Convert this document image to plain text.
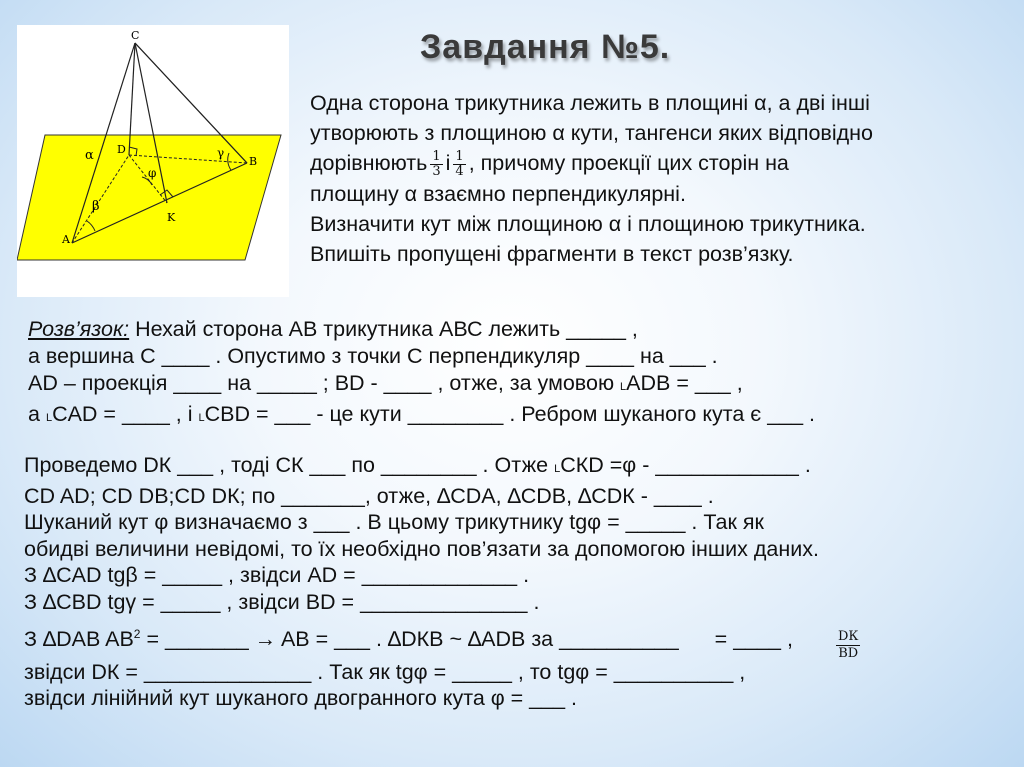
C
D
B
A
K
α
β
γ
φ
Завдання №5.
Одна сторона трикутника лежить в площині α, а дві інші
утворюють з площиною α кути, тангенси яких відповідно
дорівнюють $\frac{1}{3}$ і $\frac{1}{4}$ , причому проекції цих сторін на
площину α взаємно перпендикулярні.
Визначити кут між площиною α і площиною трикутника.
Впишіть пропущені фрагменти в текст розв’язку.
Розв’язок: Нехай сторона АВ трикутника АВС лежить _____ ,
а вершина С ____ . Опустимо з точки С перпендикуляр ____ на ___ .
АD – проекція ____ на _____ ; ВD - ____ , отже, за умовою LADB = ___ ,
а LCAD = ____ , і LCBD = ___ - це кути ________ . Ребром шуканого кута є ___ .
Проведемо DК ___ , тоді СК ___ по ________ . Отже LСКD =φ - ____________ .
CD AD; CD DB;CD DК; по _______, отже, ∆CDA, ∆CDB, ∆CDК - ____ .
Шуканий кут φ визначаємо з ___ . В цьому трикутнику tgφ = _____ . Так як
обидві величини невідомі, то їх необхідно пов’язати за допомогою інших даних.
З ∆CAD tgβ = _____ , звідси AD = _____________ .
З ∆CBD tgγ = _____ , звідси BD = ______________ .
З ∆DAB $AB^2$ = _______ → AB = ___ . ∆DКB ~ ∆ADB за __________ = ____ ,
звідси DК = ______________ . Так як tgφ = _____ , то tgφ = __________ ,
звідси лінійний кут шуканого двогранного кута φ = ___ .
DК
BD
